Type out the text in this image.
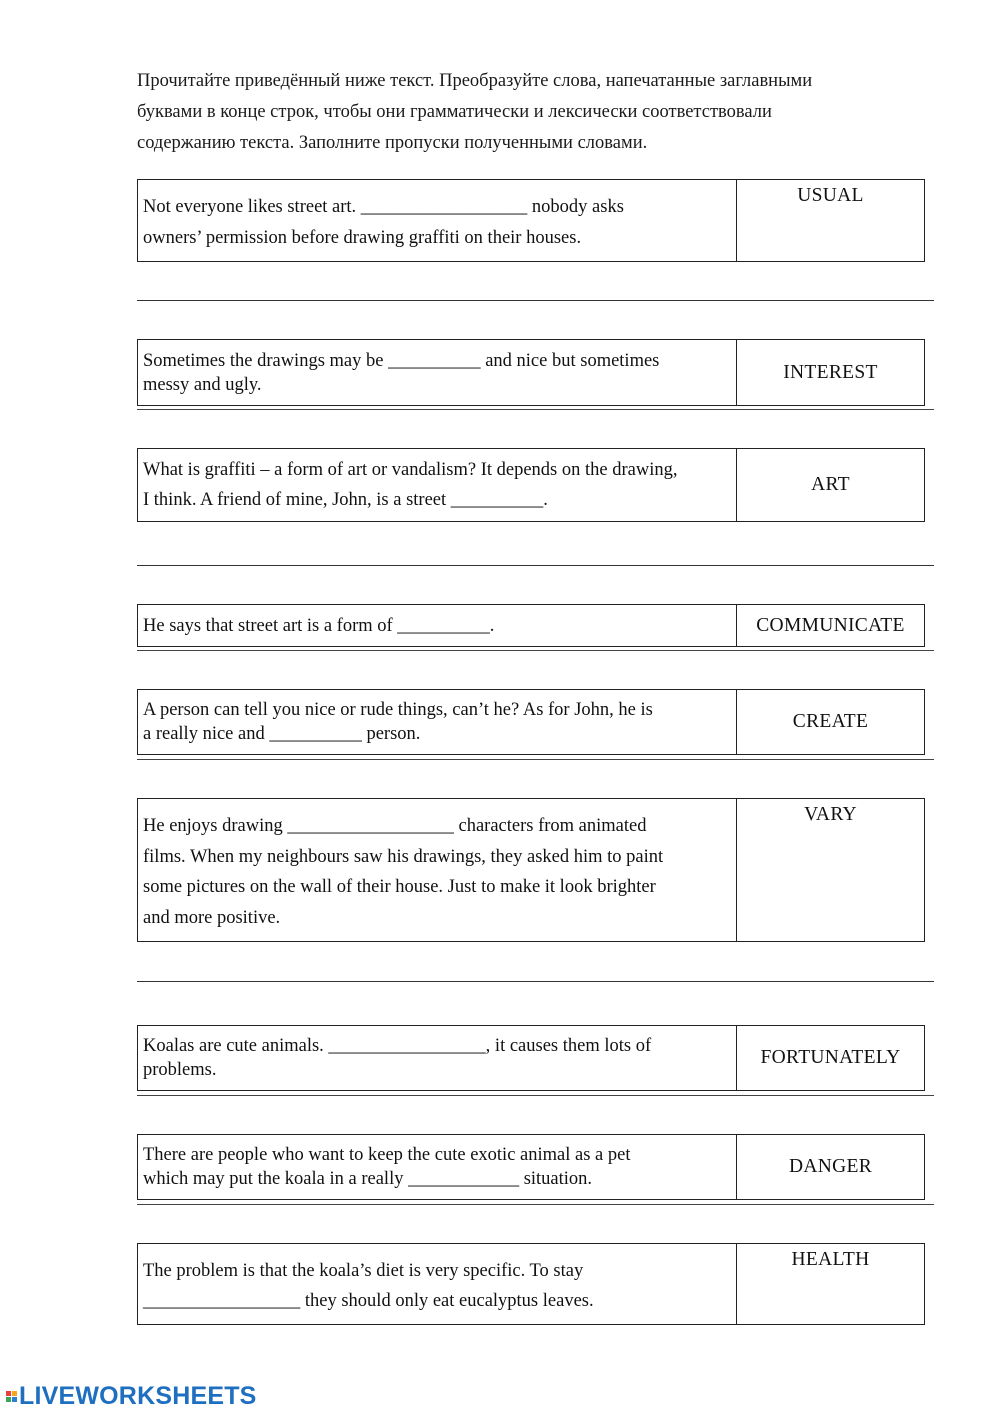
Прочитайте приведённый ниже текст. Преобразуйте слова, напечатанные заглавными
буквами в конце строк, чтобы они грамматически и лексически соответствовали
содержанию текста. Заполните пропуски полученными словами.
Not everyone likes street art. __________________ nobody asks
owners’ permission before drawing graffiti on their houses.
USUAL
Sometimes the drawings may be __________ and nice but sometimes
messy and ugly.
INTEREST
What is graffiti – a form of art or vandalism? It depends on the drawing,
I think. A friend of mine, John, is a street __________.
ART
He says that street art is a form of __________.	COMMUNICATE
A person can tell you nice or rude things, can’t he? As for John, he is
a really nice and __________ person.
CREATE
He enjoys drawing __________________ characters from animated
films. When my neighbours saw his drawings, they asked him to paint
some pictures on the wall of their house. Just to make it look brighter
and more positive.
VARY
Koalas are cute animals. _________________, it causes them lots of
problems.
FORTUNATELY
There are people who want to keep the cute exotic animal as a pet
which may put the koala in a really ____________ situation.
DANGER
The problem is that the koala’s diet is very specific. To stay
_________________ they should only eat eucalyptus leaves.
HEALTH
LIVEWORKSHEETS
